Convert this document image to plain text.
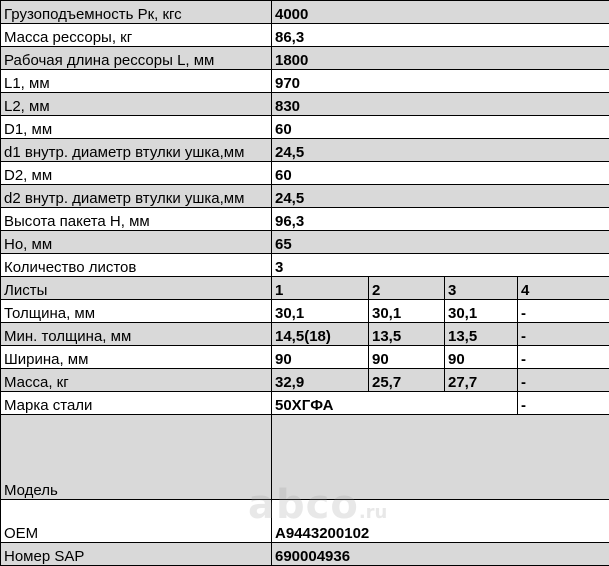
Грузоподъемность Рк, кгс	4000			
Масса рессоры, кг	86,3			
Рабочая длина рессоры L, мм	1800			
L1, мм	970			
L2, мм	830			
D1, мм	60			
d1 внутр. диаметр втулки ушка,мм	24,5			
D2, мм	60			
d2 внутр. диаметр втулки ушка,мм	24,5			
Высота пакета Н, мм	96,3			
Но, мм	65			
Количество листов	3			
Листы	1	2	3	4
Толщина, мм	30,1	30,1	30,1	-
Мин. толщина, мм	14,5(18)	13,5	13,5	-
Ширина, мм	90	90	90	-
Масса, кг	32,9	25,7	27,7	-
Марка стали	50ХГФА			-
Модель				
OEM	A9443200102			
Номер SAP	690004936			
abco.ru
